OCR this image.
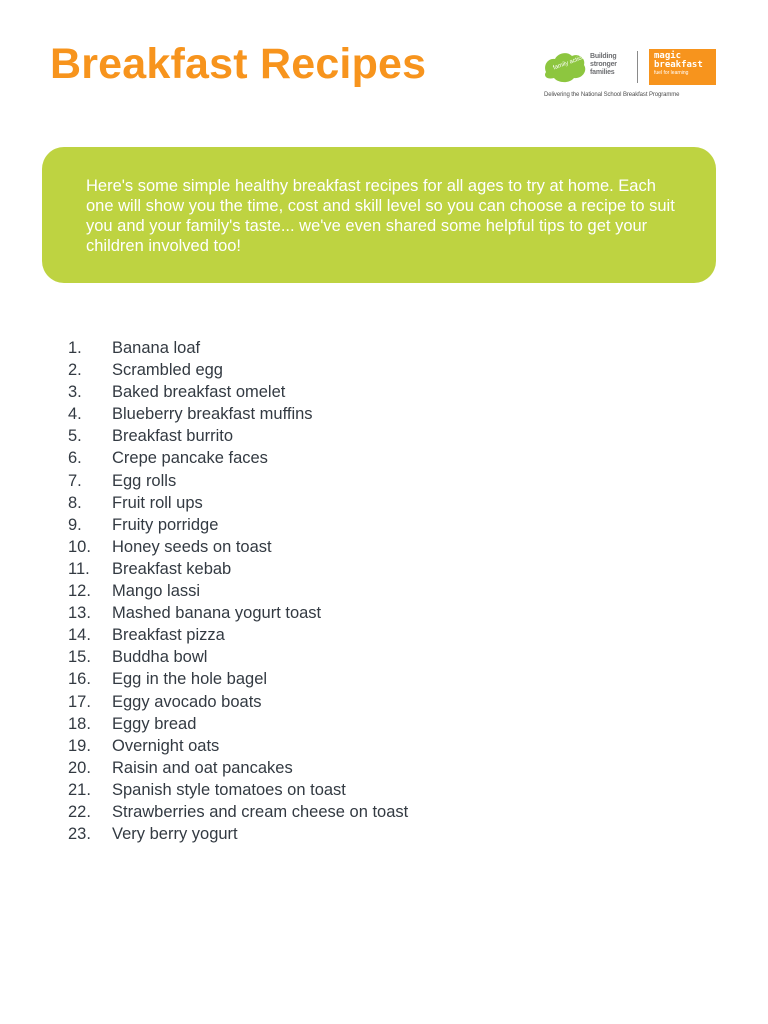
Breakfast Recipes	family action Building
stronger
families
magic
breakfast
fuel for learning
Delivering the National School Breakfast Programme

Here's some simple healthy breakfast recipes for all ages to try at home. Each one will show you the time, cost and skill level so you can choose a recipe to suit you and your family's taste... we've even shared some helpful tips to get your children involved too!

1. Banana loaf
2. Scrambled egg
3. Baked breakfast omelet
4. Blueberry breakfast muffins
5. Breakfast burrito
6. Crepe pancake faces
7. Egg rolls
8. Fruit roll ups
9. Fruity porridge
10. Honey seeds on toast
11. Breakfast kebab
12. Mango lassi
13. Mashed banana yogurt toast
14. Breakfast pizza
15. Buddha bowl
16. Egg in the hole bagel
17. Eggy avocado boats
18. Eggy bread
19. Overnight oats
20. Raisin and oat pancakes
21. Spanish style tomatoes on toast
22. Strawberries and cream cheese on toast
23. Very berry yogurt
